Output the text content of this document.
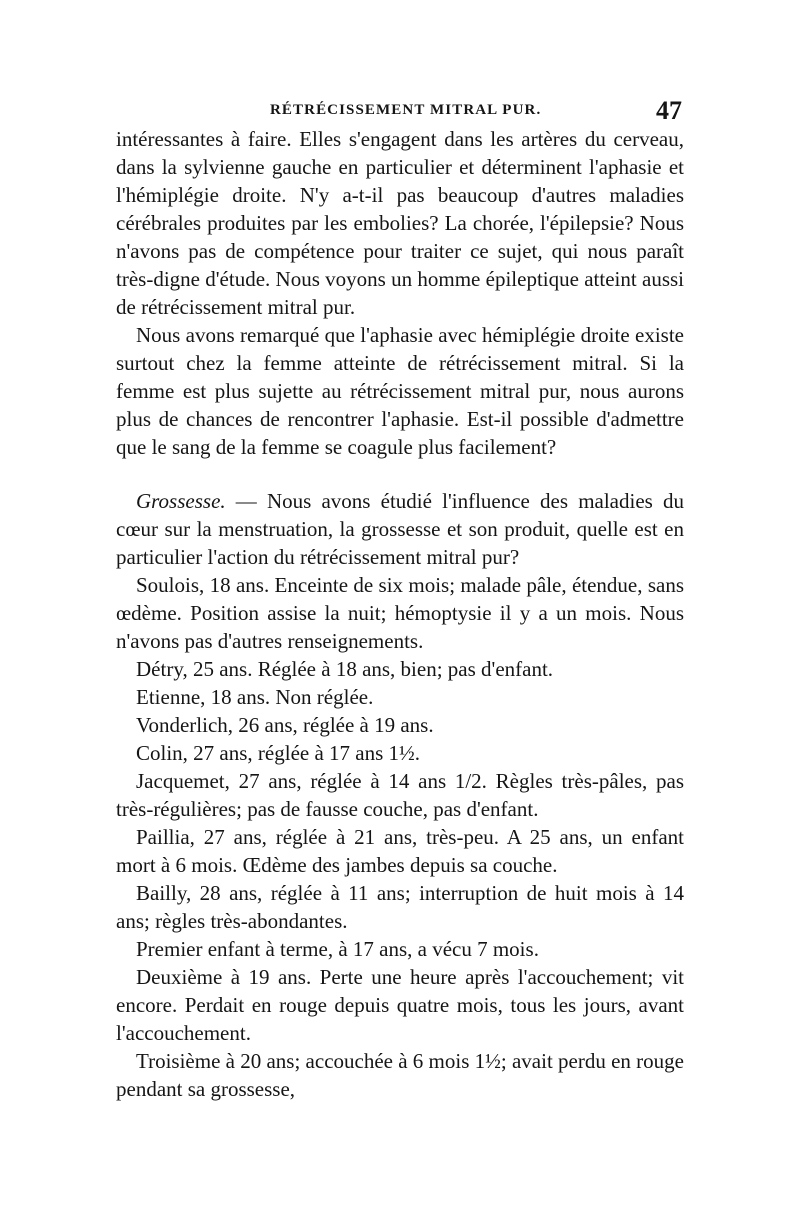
RÉTRÉCISSEMENT MITRAL PUR.	47

intéressantes à faire. Elles s'engagent dans les artères du cerveau, dans la sylvienne gauche en particulier et déterminent l'aphasie et l'hémiplégie droite. N'y a-t-il pas beaucoup d'autres maladies cérébrales produites par les embolies? La chorée, l'épilepsie? Nous n'avons pas de compétence pour traiter ce sujet, qui nous paraît très-digne d'étude. Nous voyons un homme épileptique atteint aussi de rétrécissement mitral pur.

Nous avons remarqué que l'aphasie avec hémiplégie droite existe surtout chez la femme atteinte de rétrécissement mitral. Si la femme est plus sujette au rétrécissement mitral pur, nous aurons plus de chances de rencontrer l'aphasie. Est-il possible d'admettre que le sang de la femme se coagule plus facilement?

Grossesse. — Nous avons étudié l'influence des maladies du cœur sur la menstruation, la grossesse et son produit, quelle est en particulier l'action du rétrécissement mitral pur?

Soulois, 18 ans. Enceinte de six mois; malade pâle, étendue, sans œdème. Position assise la nuit; hémoptysie il y a un mois. Nous n'avons pas d'autres renseignements.

Détry, 25 ans. Réglée à 18 ans, bien; pas d'enfant.

Etienne, 18 ans. Non réglée.

Vonderlich, 26 ans, réglée à 19 ans.

Colin, 27 ans, réglée à 17 ans 1½.

Jacquemet, 27 ans, réglée à 14 ans 1/2. Règles très-pâles, pas très-régulières; pas de fausse couche, pas d'enfant.

Paillia, 27 ans, réglée à 21 ans, très-peu. A 25 ans, un enfant mort à 6 mois. Œdème des jambes depuis sa couche.

Bailly, 28 ans, réglée à 11 ans; interruption de huit mois à 14 ans; règles très-abondantes.

Premier enfant à terme, à 17 ans, a vécu 7 mois.

Deuxième à 19 ans. Perte une heure après l'accouchement; vit encore. Perdait en rouge depuis quatre mois, tous les jours, avant l'accouchement.

Troisième à 20 ans; accouchée à 6 mois 1½; avait perdu en rouge pendant sa grossesse,
